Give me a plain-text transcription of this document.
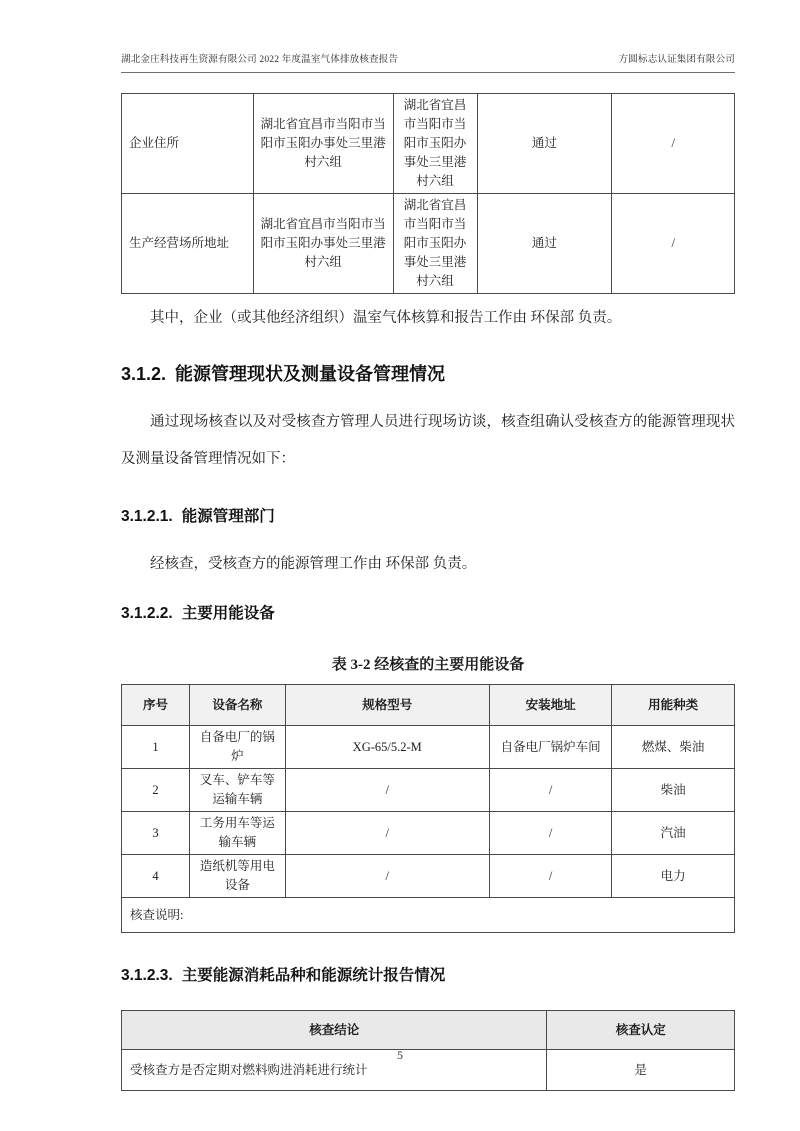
湖北金庄科技再生资源有限公司 2022 年度温室气体排放核查报告	方圆标志认证集团有限公司
企业住所	湖北省宜昌市当阳市当阳市玉阳办事处三里港村六组	湖北省宜昌市当阳市当阳市玉阳办事处三里港村六组	通过	/
生产经营场所地址	湖北省宜昌市当阳市当阳市玉阳办事处三里港村六组	湖北省宜昌市当阳市当阳市玉阳办事处三里港村六组	通过	/

其中，企业（或其他经济组织）温室气体核算和报告工作由 环保部 负责。

3.1.2. 能源管理现状及测量设备管理情况

通过现场核查以及对受核查方管理人员进行现场访谈，核查组确认受核查方的能源管理现状及测量设备管理情况如下：

3.1.2.1. 能源管理部门

经核查，受核查方的能源管理工作由 环保部 负责。

3.1.2.2. 主要用能设备
表 3-2 经核查的主要用能设备
序号	设备名称	规格型号	安装地址	用能种类
1	自备电厂的锅炉	XG-65/5.2-M	自备电厂锅炉车间	燃煤、柴油
2	叉车、铲车等运输车辆	/	/	柴油
3	工务用车等运输车辆	/	/	汽油
4	造纸机等用电设备	/	/	电力
核查说明:				
3.1.2.3. 主要能源消耗品种和能源统计报告情况
核查结论	核查认定
受核查方是否定期对燃料购进消耗进行统计	是
5
